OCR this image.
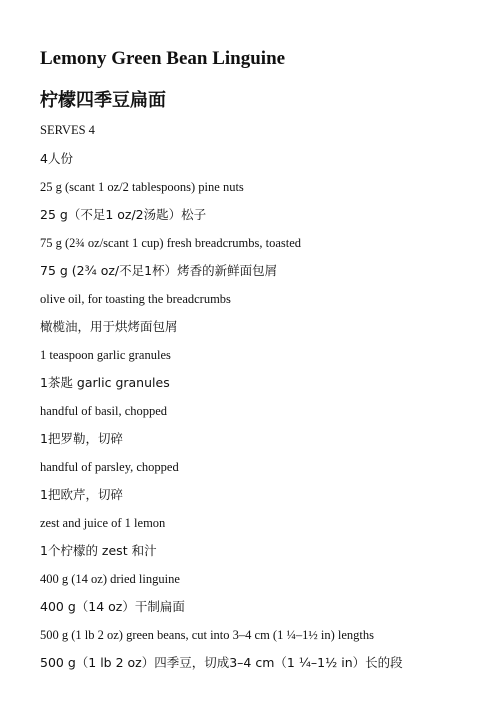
Lemony Green Bean Linguine
柠檬四季豆扁面
SERVES 4
4人份
25 g (scant 1 oz/2 tablespoons) pine nuts
25 g（不足1 oz/2汤匙）松子
75 g (2¾ oz/scant 1 cup) fresh breadcrumbs, toasted
75 g (2¾ oz/不足1杯）烤香的新鲜面包屑
olive oil, for toasting the breadcrumbs
橄榄油，用于烘烤面包屑
1 teaspoon garlic granules
1茶匙 garlic granules
handful of basil, chopped
1把罗勒，切碎
handful of parsley, chopped
1把欧芹，切碎
zest and juice of 1 lemon
1个柠檬的 zest 和汁
400 g (14 oz) dried linguine
400 g（14 oz）干制扁面
500 g (1 lb 2 oz) green beans, cut into 3–4 cm (1 ¼–1½ in) lengths
500 g（1 lb 2 oz）四季豆，切成3–4 cm（1 ¼–1½ in）长的段
